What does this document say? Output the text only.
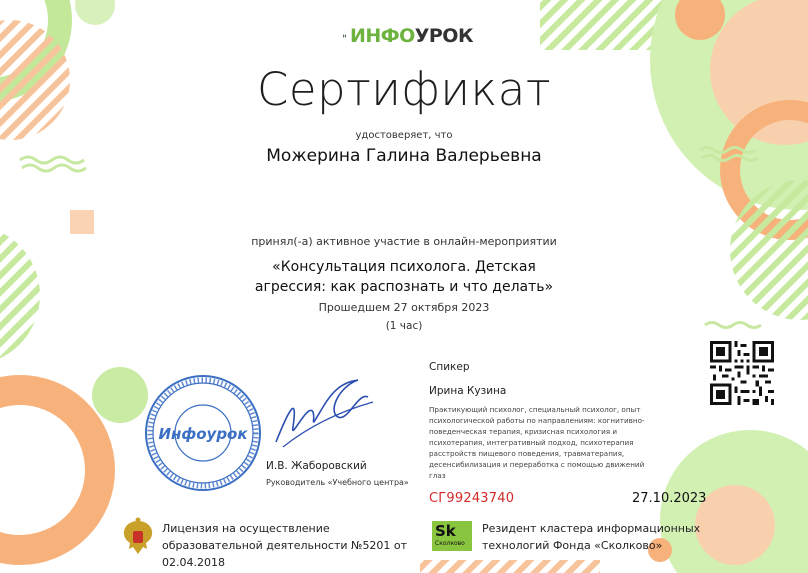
ИНФОУРОК
Сертификат
удостоверяет, что
Можерина Галина Валерьевна
принял(-а) активное участие в онлайн-мероприятии
«Консультация психолога. Детская агрессия: как распознать и что делать»
Прошедшем 27 октября 2023
(1 час)
Инфоурок
И.В. Жаборовский
Руководитель «Учебного центра»
Спикер
Ирина Кузина
Практикующий психолог, специальный психолог, опыт психологической работы по направлениям: когнитивно-поведенческая терапия, кризисная психология и психотерапия, интегративный подход, психотерапия расстройств пищевого поведения, травматерапия, десенсибилизация и переработка с помощью движений глаз
СГ99243740	27.10.2023
Лицензия на осуществление образовательной деятельности №5201 от 02.04.2018
Sk
Сколково
Резидент кластера информационных технологий Фонда «Сколково»
